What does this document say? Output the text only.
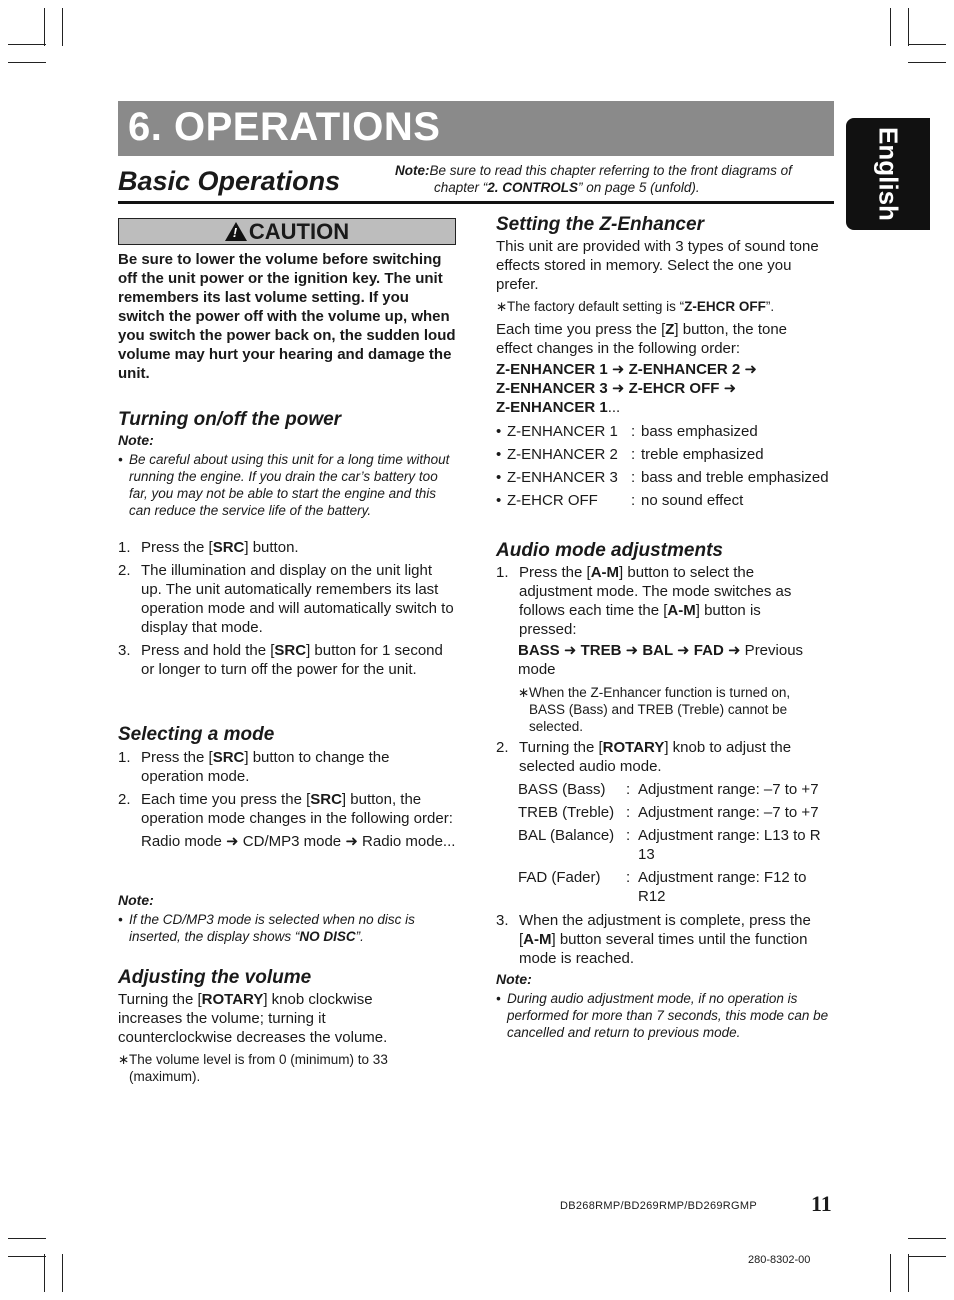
6. OPERATIONS
English
Basic Operations	Note:Be sure to read this chapter referring to the front diagrams of
chapter “2. CONTROLS” on page 5 (unfold).
!CAUTION
Be sure to lower the volume before switching off the unit power or the ignition key. The unit remembers its last volume setting. If you switch the power off with the volume up, when you switch the power back on, the sudden loud volume may hurt your hearing and damage the unit.
Turning on/off the power
Note:
• Be careful about using this unit for a long time without running the engine. If you drain the car’s battery too far, you may not be able to start the engine and this can reduce the service life of the battery.
1. Press the [SRC] button.
2. The illumination and display on the unit light up. The unit automatically remembers its last operation mode and will automatically switch to display that mode.
3. Press and hold the [SRC] button for 1 second or longer to turn off the power for the unit.
Selecting a mode
1. Press the [SRC] button to change the operation mode.
2. Each time you press the [SRC] button, the operation mode changes in the following order:
Radio mode ➜ CD/MP3 mode ➜ Radio mode...
Note:
• If the CD/MP3 mode is selected when no disc is inserted, the display shows “NO DISC”.
Adjusting the volume
Turning the [ROTARY] knob clockwise increases the volume; turning it counterclockwise decreases the volume.
∗ The volume level is from 0 (minimum) to 33 (maximum).
Setting the Z-Enhancer
This unit are provided with 3 types of sound tone effects stored in memory. Select the one you prefer.
∗ The factory default setting is “Z-EHCR OFF”.
Each time you press the [Z] button, the tone effect changes in the following order:
Z-ENHANCER 1 ➜ Z-ENHANCER 2 ➜
Z-ENHANCER 3 ➜ Z-EHCR OFF ➜
Z-ENHANCER 1...
• Z-ENHANCER 1 : bass emphasized
• Z-ENHANCER 2 : treble emphasized
• Z-ENHANCER 3 : bass and treble emphasized
• Z-EHCR OFF	: no sound effect
Audio mode adjustments
1. Press the [A-M] button to select the adjustment mode. The mode switches as follows each time the [A-M] button is pressed:
BASS ➜ TREB ➜ BAL ➜ FAD ➜ Previous mode
∗ When the Z-Enhancer function is turned on, BASS (Bass) and TREB (Treble) cannot be selected.
2. Turning the [ROTARY] knob to adjust the selected audio mode.
BASS (Bass)	: Adjustment range: –7 to +7
TREB (Treble) : Adjustment range: –7 to +7
BAL (Balance) : Adjustment range: L13 to R 13
FAD (Fader)	: Adjustment range: F12 to R12
3. When the adjustment is complete, press the [A-M] button several times until the function mode is reached.
Note:
• During audio adjustment mode, if no operation is performed for more than 7 seconds, this mode can be cancelled and return to previous mode.
DB268RMP/BD269RMP/BD269RGMP 11
280-8302-00
